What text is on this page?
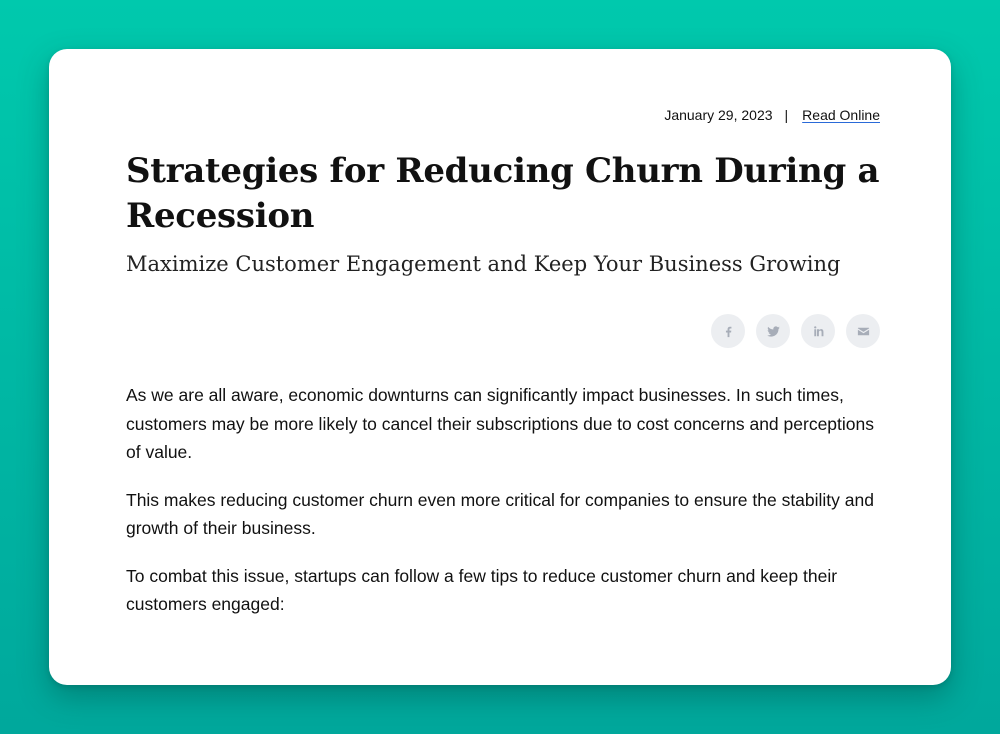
January 29, 2023 | Read Online
Strategies for Reducing Churn During a Recession
Maximize Customer Engagement and Keep Your Business Growing

As we are all aware, economic downturns can significantly impact businesses. In such times, customers may be more likely to cancel their subscriptions due to cost concerns and perceptions of value.

This makes reducing customer churn even more critical for companies to ensure the stability and growth of their business.

To combat this issue, startups can follow a few tips to reduce customer churn and keep their customers engaged:
